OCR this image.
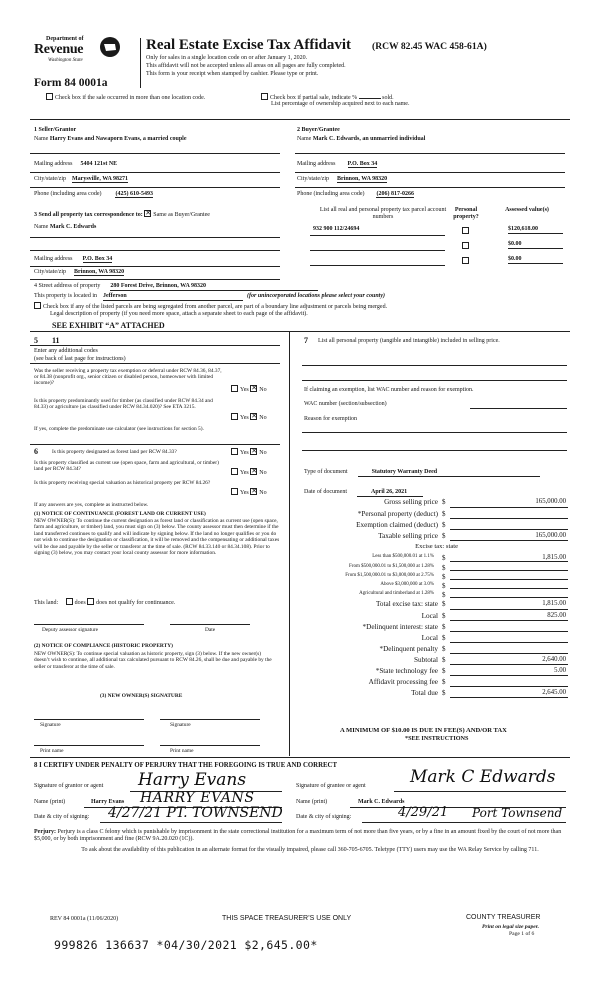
Department of
Revenue
Washington State
Form 84 0001a
Real Estate Excise Tax Affidavit (RCW 82.45 WAC 458-61A)
Only for sales in a single location code on or after January 1, 2020.
This affidavit will not be accepted unless all areas on all pages are fully completed.
This form is your receipt when stamped by cashier. Please type or print.
Check box if the sale occurred in more than one location code.	Check box if partial sale, indicate %	sold.
List percentage of ownership acquired next to each name.
1 Seller/Grantor
Name Harry Evans and Nawaporn Evans, a married couple
Mailing address 5404 121st NE
City/state/zip Marysville, WA 98271
Phone (including area code) (425) 610-5493
2 Buyer/Grantee
Name Mark C. Edwards, an unmarried individual
Mailing address P.O. Box 34
City/state/zip Brinnon, WA 98320
Phone (including area code) (206) 817-0266
3 Send all property tax correspondence to: ✕ Same as Buyer/Grantee
Name Mark C. Edwards
Mailing address P.O. Box 34
City/state/zip Brinnon, WA 98320
List all real and personal property tax parcel account numbers
Personal property?
Assessed value(s)
932 900 112/24694	$120,618.00
$0.00
$0.00
4 Street address of property 280 Forest Drive, Brinnon, WA 98320
This property is located in Jefferson	(for unincorporated locations please select your county)
Check box if any of the listed parcels are being segregated from another parcel, are part of a boundary line adjustment or parcels being merged.
Legal description of property (if you need more space, attach a separate sheet to each page of the affidavit).
SEE EXHIBIT “A” ATTACHED
5 11
Enter any additional codes
(see back of last page for instructions)
Was the seller receiving a property tax exemption or deferral under RCW 84.36, 84.37, or 84.38 (nonprofit org., senior citizen or disabled person, homeowner with limited income)?
Yes ✕ No
Is this property predominantly used for timber (as classified under RCW 84.34 and 84.33) or agriculture (as classified under RCW 84.34.020)? See ETA 3215.
Yes ✕ No
If yes, complete the predominate use calculator (see instructions for section 5).
6	Is this property designated as forest land per RCW 84.33?	Yes ✕ No
Is this property classified as current use (open space, farm and agricultural, or timber) land per RCW 84.34?
Yes ✕ No
Is this property receiving special valuation as historical property per RCW 84.26?
Yes ✕ No
If any answers are yes, complete as instructed below.
(1) NOTICE OF CONTINUANCE (FOREST LAND OR CURRENT USE)
NEW OWNER(S): To continue the current designation as forest land or classification as current use (open space, farm and agriculture, or timber) land, you must sign on (3) below. The county assessor must then determine if the land transferred continues to qualify and will indicate by signing below. If the land no longer qualifies or you do not wish to continue the designation or classification, it will be removed and the compensating or additional taxes will be due and payable by the seller or transferor at the time of sale. (RCW 84.33.140 or 84.34.108). Prior to signing (3) below, you may contact your local county assessor for more information.
This land:	does does not qualify for continuance.
Deputy assessor signature	Date
(2) NOTICE OF COMPLIANCE (HISTORIC PROPERTY)
NEW OWNER(S): To continue special valuation as historic property, sign (3) below. If the new owner(s) doesn’t wish to continue, all additional tax calculated pursuant to RCW 84.26, shall be due and payable by the seller or transferor at the time of sale.
(3) NEW OWNER(S) SIGNATURE
Signature	Signature
Print name	Print name
7	List all personal property (tangible and intangible) included in selling price.
If claiming an exemption, list WAC number and reason for exemption.
WAC number (section/subsection)
Reason for exemption
Type of document	Statutory Warranty Deed
Date of document	April 26, 2021
Gross selling price $	165,000.00
*Personal property (deduct) $
Exemption claimed (deduct) $
Taxable selling price $	165,000.00
Excise tax: state
Less than $500,000.01 at 1.1% $	1,815.00
From $500,000.01 to $1,500,000 at 1.28% $
From $1,500,000.01 to $3,000,000 at 2.75% $
Above $3,000,000 at 3.0% $
Agricultural and timberland at 1.28% $
Total excise tax: state $	1,815.00
Local $	825.00
*Delinquent interest: state $
Local $
*Delinquent penalty $
Subtotal $	2,640.00
*State technology fee $	5.00
Affidavit processing fee $
Total due $	2,645.00
A MINIMUM OF $10.00 IS DUE IN FEE(S) AND/OR TAX
*SEE INSTRUCTIONS
8 I CERTIFY UNDER PENALTY OF PERJURY THAT THE FOREGOING IS TRUE AND CORRECT
Signature of grantor or agent Harry Evans
Name (print)	Harry Evans HARRY EVANS
Date & city of signing: 4/27/21 PT. TOWNSEND
Signature of grantee or agent	Mark C Edwards
Name (print)	Mark C. Edwards
Date & city of signing:	4/29/21 Port Townsend
Perjury: Perjury is a class C felony which is punishable by imprisonment in the state correctional institution for a maximum term of not more than five years, or by a fine in an amount fixed by the court of not more than $5,000, or by both imprisonment and fine (RCW 9A.20.020 (1C)).
To ask about the availability of this publication in an alternate format for the visually impaired, please call 360-705-6705. Teletype (TTY) users may use the WA Relay Service by calling 711.
REV 84 0001a (11/06/2020)	THIS SPACE TREASURER’S USE ONLY	COUNTY TREASURER
Print on legal size paper.
Page 1 of 6
999826 136637 *04/30/2021 $2,645.00*
